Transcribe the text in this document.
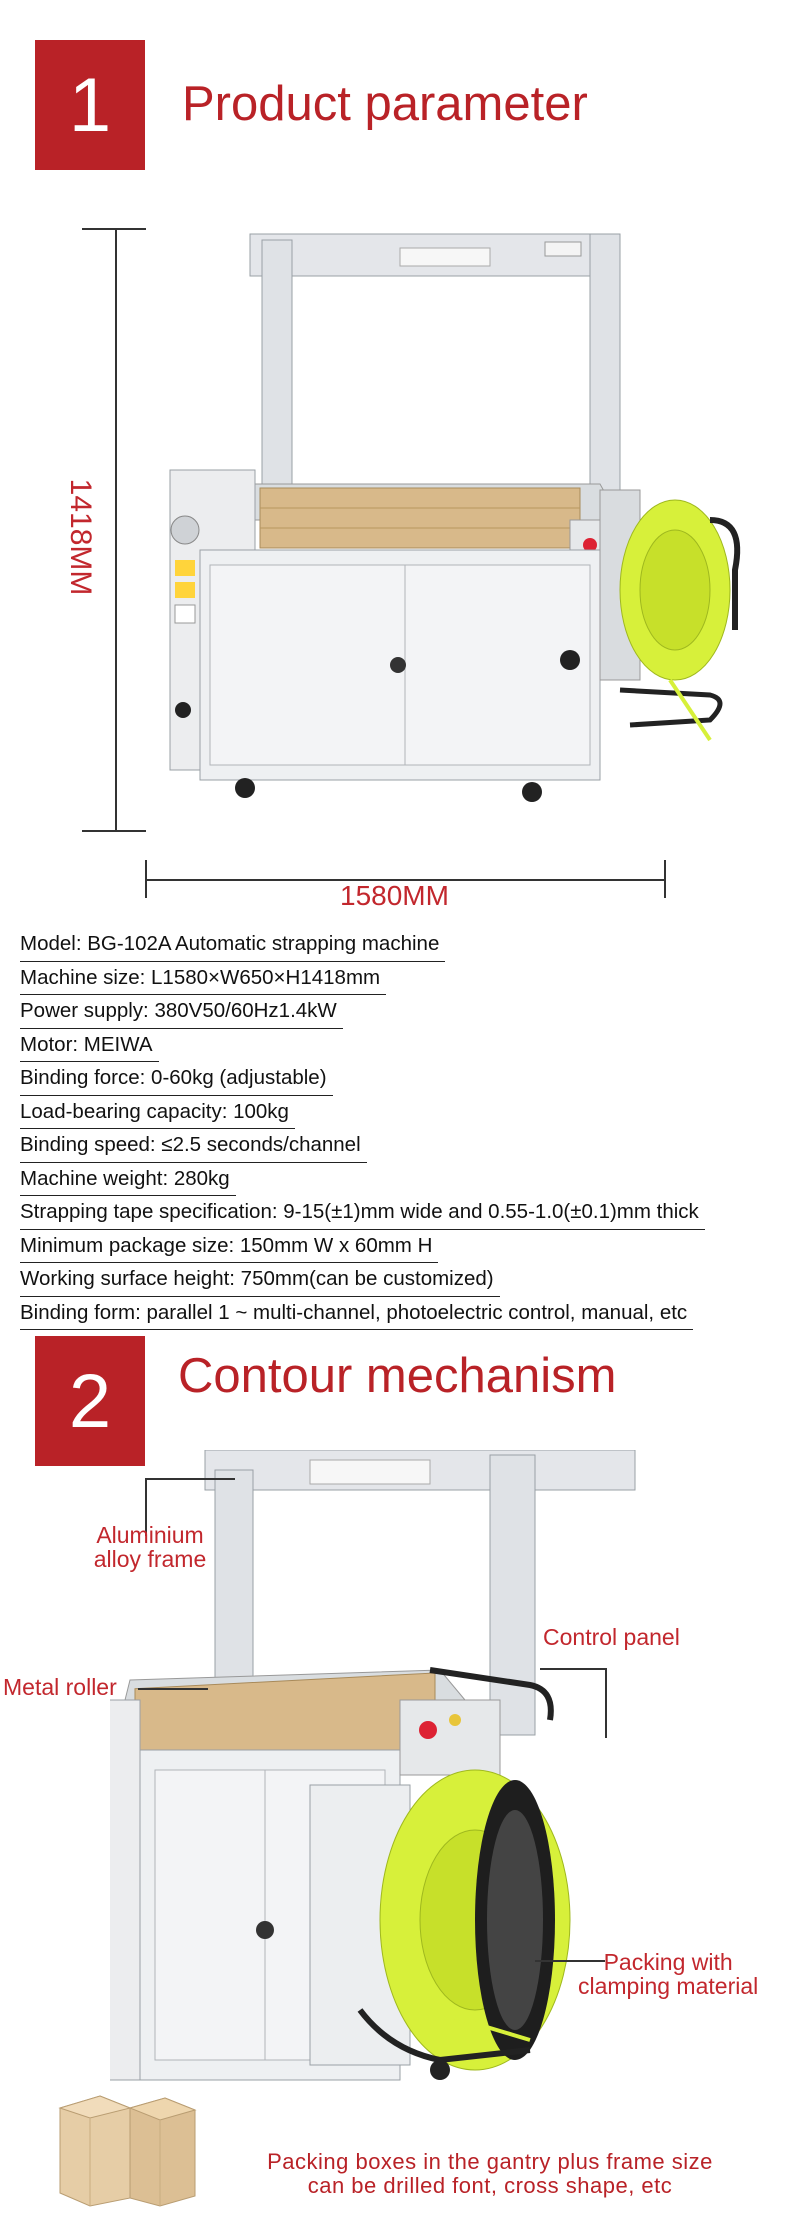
1	Product parameter
1418MM
1580MM
Model: BG-102A Automatic strapping machine
Machine size: L1580×W650×H1418mm
Power supply: 380V50/60Hz1.4kW
Motor: MEIWA
Binding force: 0-60kg (adjustable)
Load-bearing capacity: 100kg
Binding speed: ≤2.5 seconds/channel
Machine weight: 280kg
Strapping tape specification: 9-15(±1)mm wide and 0.55-1.0(±0.1)mm thick
Minimum package size: 150mm W x 60mm H
Working surface height: 750mm(can be customized)
Binding form: parallel 1 ~ multi-channel, photoelectric control, manual, etc
2	Contour mechanism
Aluminium
alloy frame
Control panel
Metal roller
Packing with
clamping material
Packing boxes in the gantry plus frame size
can be drilled font, cross shape, etc
